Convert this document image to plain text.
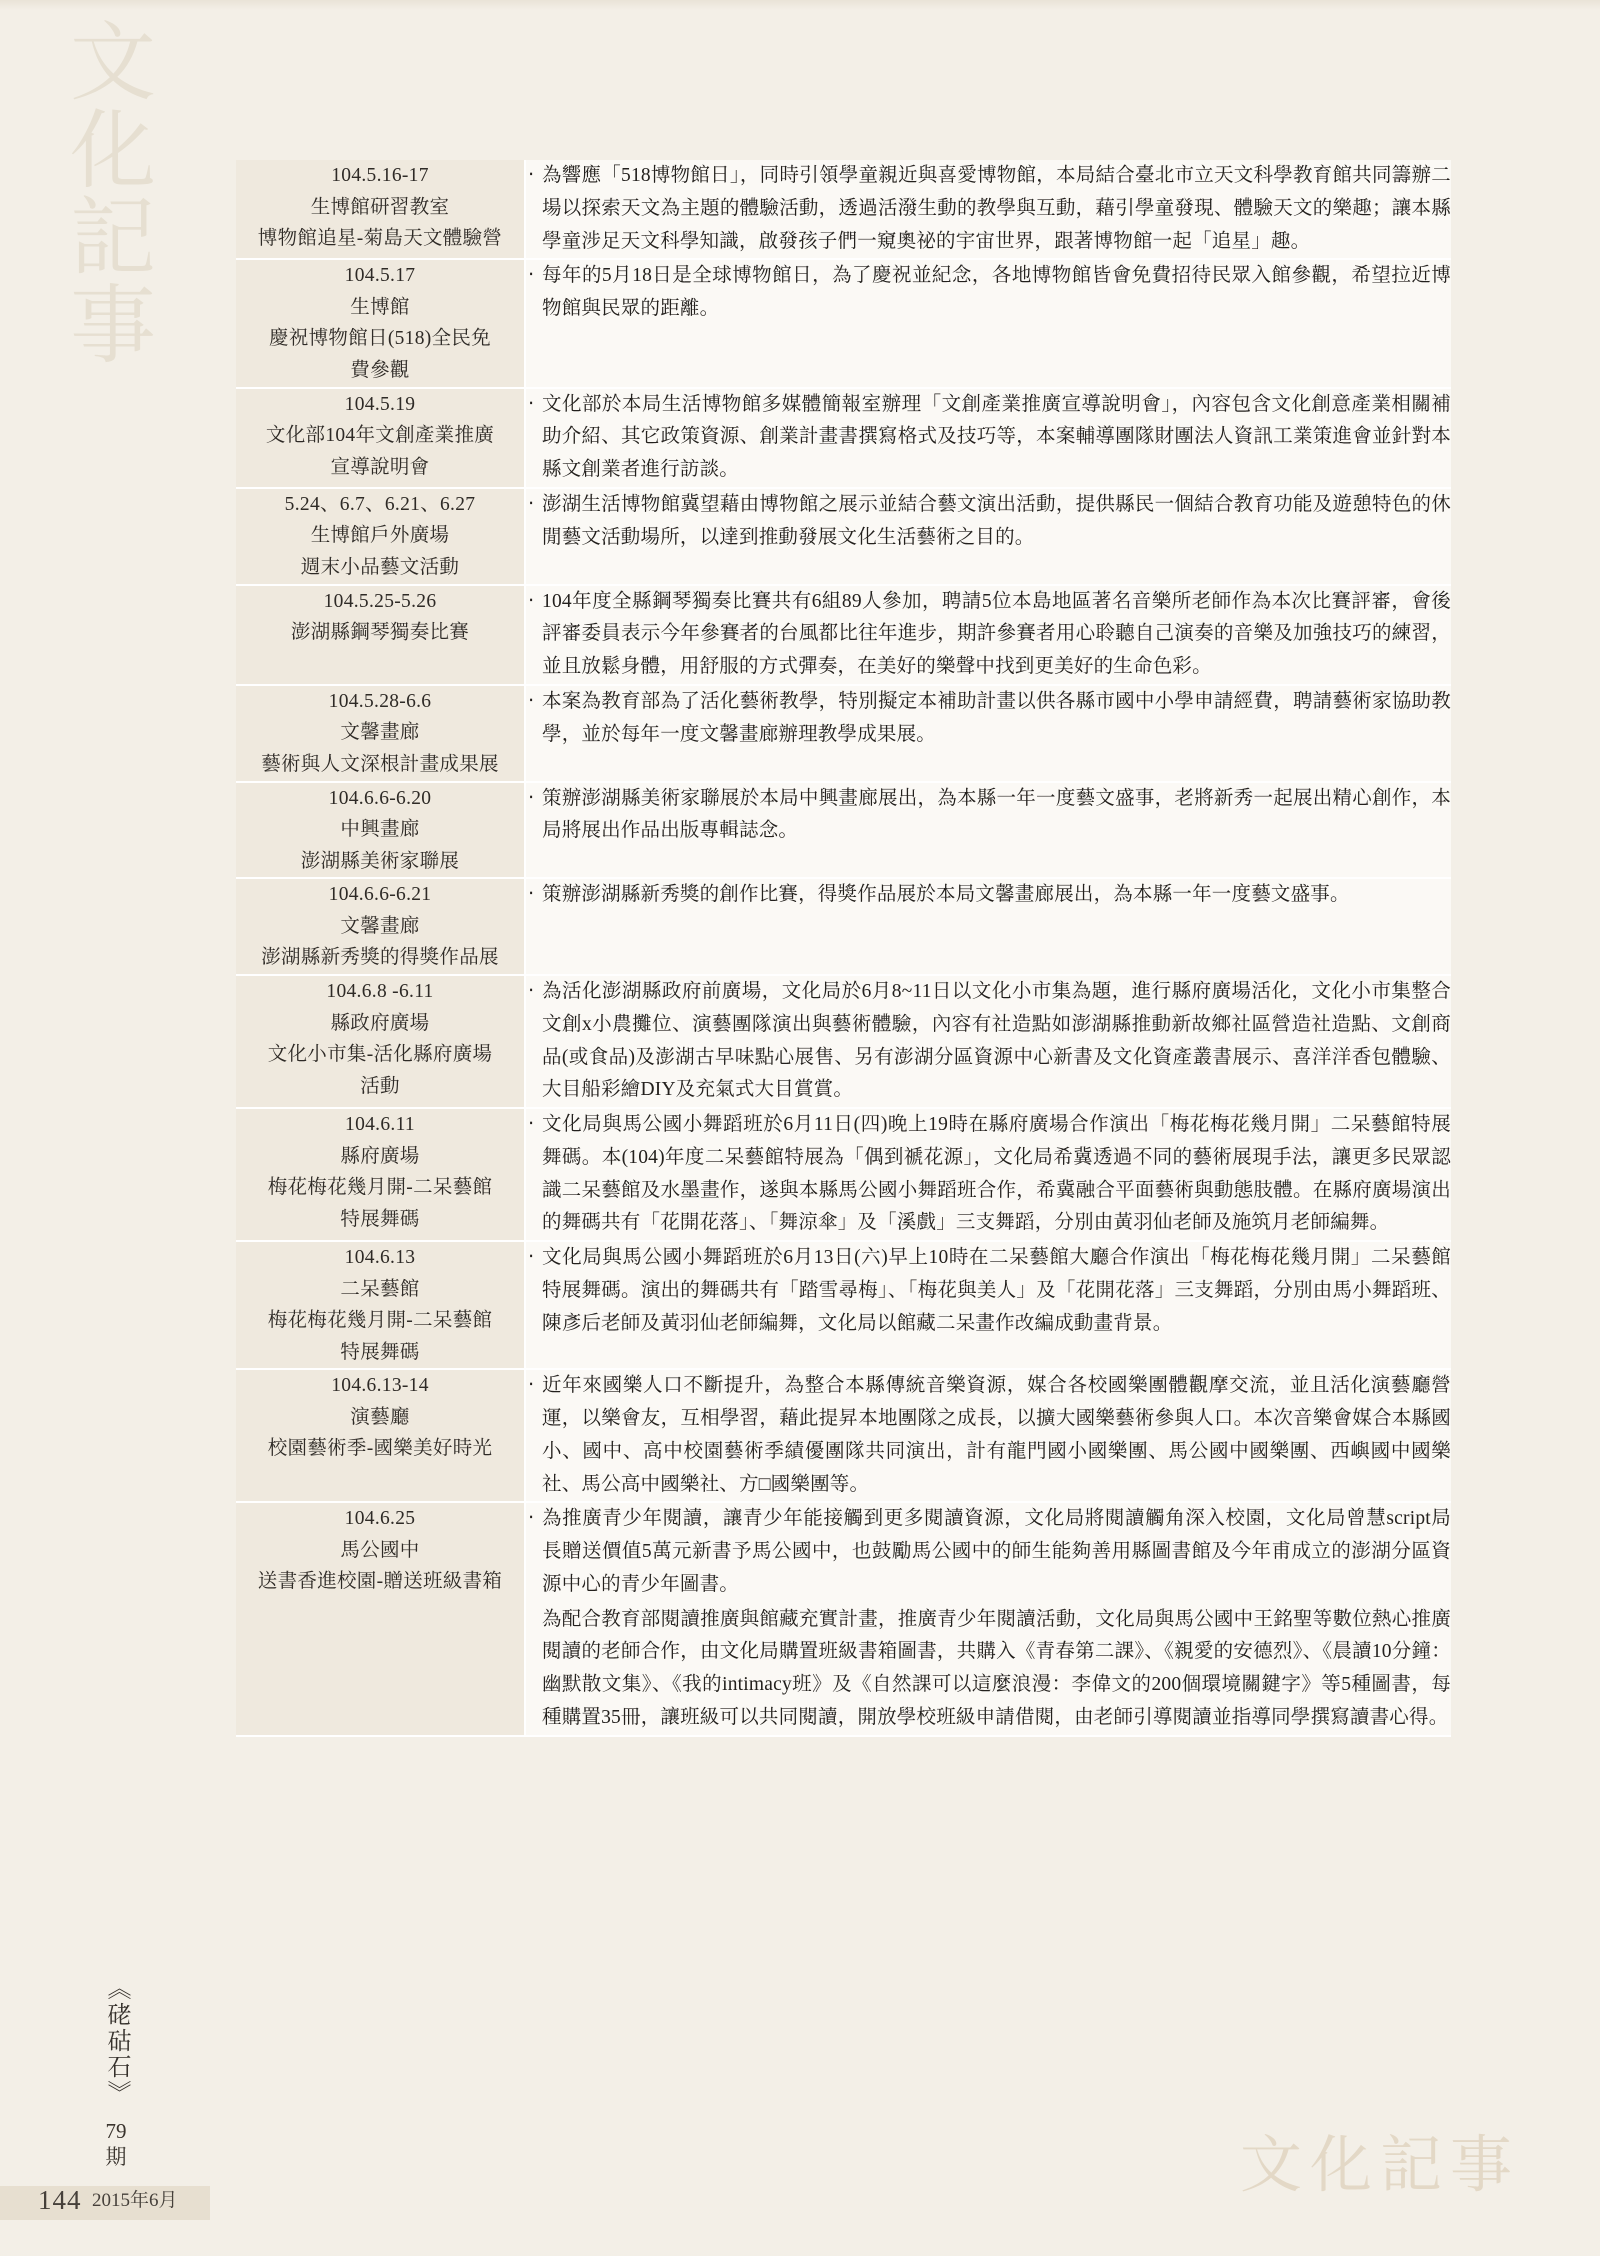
文
化
記
事
文化記事
104.5.16-17
生博館研習教室
博物館追星-菊島天文體驗營	‧ 為響應「518博物館日」，同時引領學童親近與喜愛博物館，本局結合臺北市立天文科學教育館共同籌辦二場以探索天文為主題的體驗活動，透過活潑生動的教學與互動，藉引學童發現、體驗天文的樂趣；讓本縣學童涉足天文科學知識，啟發孩子們一窺奧祕的宇宙世界，跟著博物館一起「追星」趣。

104.5.17
生博館
慶祝博物館日(518)全民免
費參觀	‧ 每年的5月18日是全球博物館日，為了慶祝並紀念，各地博物館皆會免費招待民眾入館參觀，希望拉近博物館與民眾的距離。

104.5.19
文化部104年文創產業推廣
宣導說明會	‧ 文化部於本局生活博物館多媒體簡報室辦理「文創產業推廣宣導說明會」，內容包含文化創意產業相關補助介紹、其它政策資源、創業計畫書撰寫格式及技巧等，本案輔導團隊財團法人資訊工業策進會並針對本縣文創業者進行訪談。

5.24、6.7、6.21、6.27
生博館戶外廣場
週末小品藝文活動	‧ 澎湖生活博物館冀望藉由博物館之展示並結合藝文演出活動，提供縣民一個結合教育功能及遊憩特色的休閒藝文活動場所，以達到推動發展文化生活藝術之目的。

104.5.25-5.26
澎湖縣鋼琴獨奏比賽	‧ 104年度全縣鋼琴獨奏比賽共有6組89人參加，聘請5位本島地區著名音樂所老師作為本次比賽評審，會後評審委員表示今年參賽者的台風都比往年進步，期許參賽者用心聆聽自己演奏的音樂及加強技巧的練習，並且放鬆身體，用舒服的方式彈奏，在美好的樂聲中找到更美好的生命色彩。

104.5.28-6.6
文馨畫廊
藝術與人文深根計畫成果展	‧ 本案為教育部為了活化藝術教學，特別擬定本補助計畫以供各縣市國中小學申請經費，聘請藝術家協助教學，並於每年一度文馨畫廊辦理教學成果展。

104.6.6-6.20
中興畫廊
澎湖縣美術家聯展	‧ 策辦澎湖縣美術家聯展於本局中興畫廊展出，為本縣一年一度藝文盛事，老將新秀一起展出精心創作，本局將展出作品出版專輯誌念。

104.6.6-6.21
文馨畫廊
澎湖縣新秀獎的得獎作品展	‧ 策辦澎湖縣新秀獎的創作比賽，得獎作品展於本局文馨畫廊展出，為本縣一年一度藝文盛事。

104.6.8 -6.11
縣政府廣場
文化小市集-活化縣府廣場
活動	‧ 為活化澎湖縣政府前廣場，文化局於6月8~11日以文化小市集為題，進行縣府廣場活化，文化小市集整合文創x小農攤位、演藝團隊演出與藝術體驗，內容有社造點如澎湖縣推動新故鄉社區營造社造點、文創商品(或食品)及澎湖古早味點心展售、另有澎湖分區資源中心新書及文化資產叢書展示、喜洋洋香包體驗、大目船彩繪DIY及充氣式大目賞賞。

104.6.11
縣府廣場
梅花梅花幾月開-二呆藝館
特展舞碼	‧ 文化局與馬公國小舞蹈班於6月11日(四)晚上19時在縣府廣場合作演出「梅花梅花幾月開」二呆藝館特展舞碼。本(104)年度二呆藝館特展為「偶到禠花源」，文化局希冀透過不同的藝術展現手法，讓更多民眾認識二呆藝館及水墨畫作，遂與本縣馬公國小舞蹈班合作，希冀融合平面藝術與動態肢體。在縣府廣場演出的舞碼共有「花開花落」、「舞涼傘」及「溪戲」三支舞蹈，分別由黃羽仙老師及施筑月老師編舞。

104.6.13
二呆藝館
梅花梅花幾月開-二呆藝館
特展舞碼	‧ 文化局與馬公國小舞蹈班於6月13日(六)早上10時在二呆藝館大廳合作演出「梅花梅花幾月開」二呆藝館特展舞碼。演出的舞碼共有「踏雪尋梅」、「梅花與美人」及「花開花落」三支舞蹈，分別由馬小舞蹈班、陳彥后老師及黃羽仙老師編舞，文化局以館藏二呆畫作改編成動畫背景。

104.6.13-14
演藝廳
校園藝術季-國樂美好時光	‧ 近年來國樂人口不斷提升，為整合本縣傳統音樂資源，媒合各校國樂團體觀摩交流，並且活化演藝廳營運，以樂會友，互相學習，藉此提昇本地團隊之成長，以擴大國樂藝術參與人口。本次音樂會媒合本縣國小、國中、高中校園藝術季績優團隊共同演出，計有龍門國小國樂團、馬公國中國樂團、西嶼國中國樂社、馬公高中國樂社、方□國樂團等。

104.6.25
馬公國中
送書香進校園-贈送班級書箱

‧ 為推廣青少年閱讀，讓青少年能接觸到更多閱讀資源，文化局將閱讀觸角深入校園，文化局曾慧script局長贈送價值5萬元新書予馬公國中，也鼓勵馬公國中的師生能夠善用縣圖書館及今年甫成立的澎湖分區資源中心的青少年圖書。

為配合教育部閱讀推廣與館藏充實計畫，推廣青少年閱讀活動，文化局與馬公國中王銘聖等數位熱心推廣閱讀的老師合作，由文化局購置班級書箱圖書，共購入《青春第二課》、《親愛的安德烈》、《晨讀10分鐘：幽默散文集》、《我的intimacy班》及《自然課可以這麼浪漫：李偉文的200個環境關鍵字》等5種圖書，每種購置35冊，讓班級可以共同閱讀，開放學校班級申請借閱，由老師引導閱讀並指導同學撰寫讀書心得。

144 2015年6月
《硓𥑮石》
79
期
